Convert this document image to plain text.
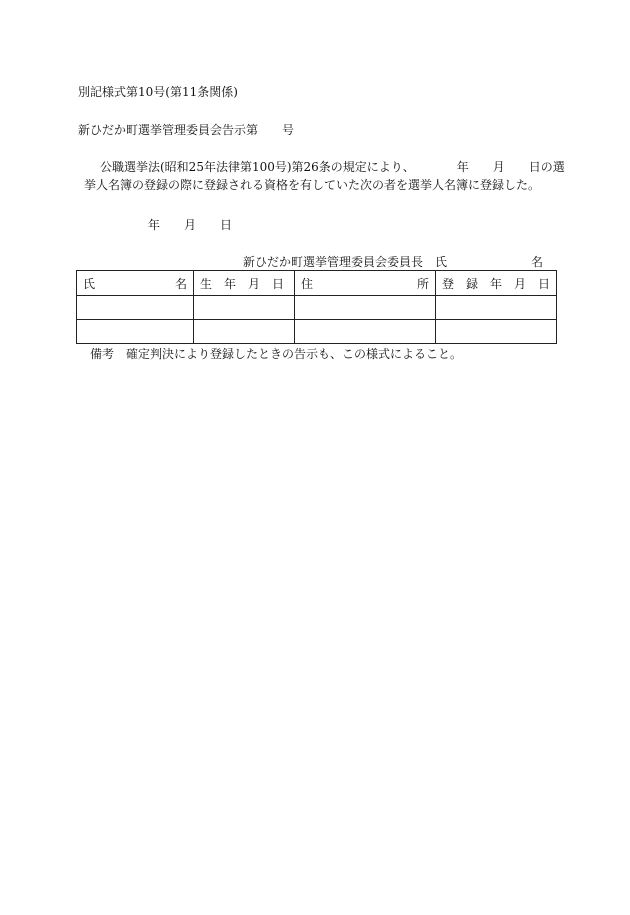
別記様式第10号(第11条関係)
新ひだか町選挙管理委員会告示第　　号
公職選挙法(昭和25年法律第100号)第26条の規定により、　　　　年　　月　　日の選
挙人名簿の登録の際に登録される資格を有していた次の者を選挙人名簿に登録した。
年　　月　　日
新ひだか町選挙管理委員会委員長　氏　　　　　　　名
氏 名	生　年　月　日	住 所	登　録　年　月　日

備考　確定判決により登録したときの告示も、この様式によること。
